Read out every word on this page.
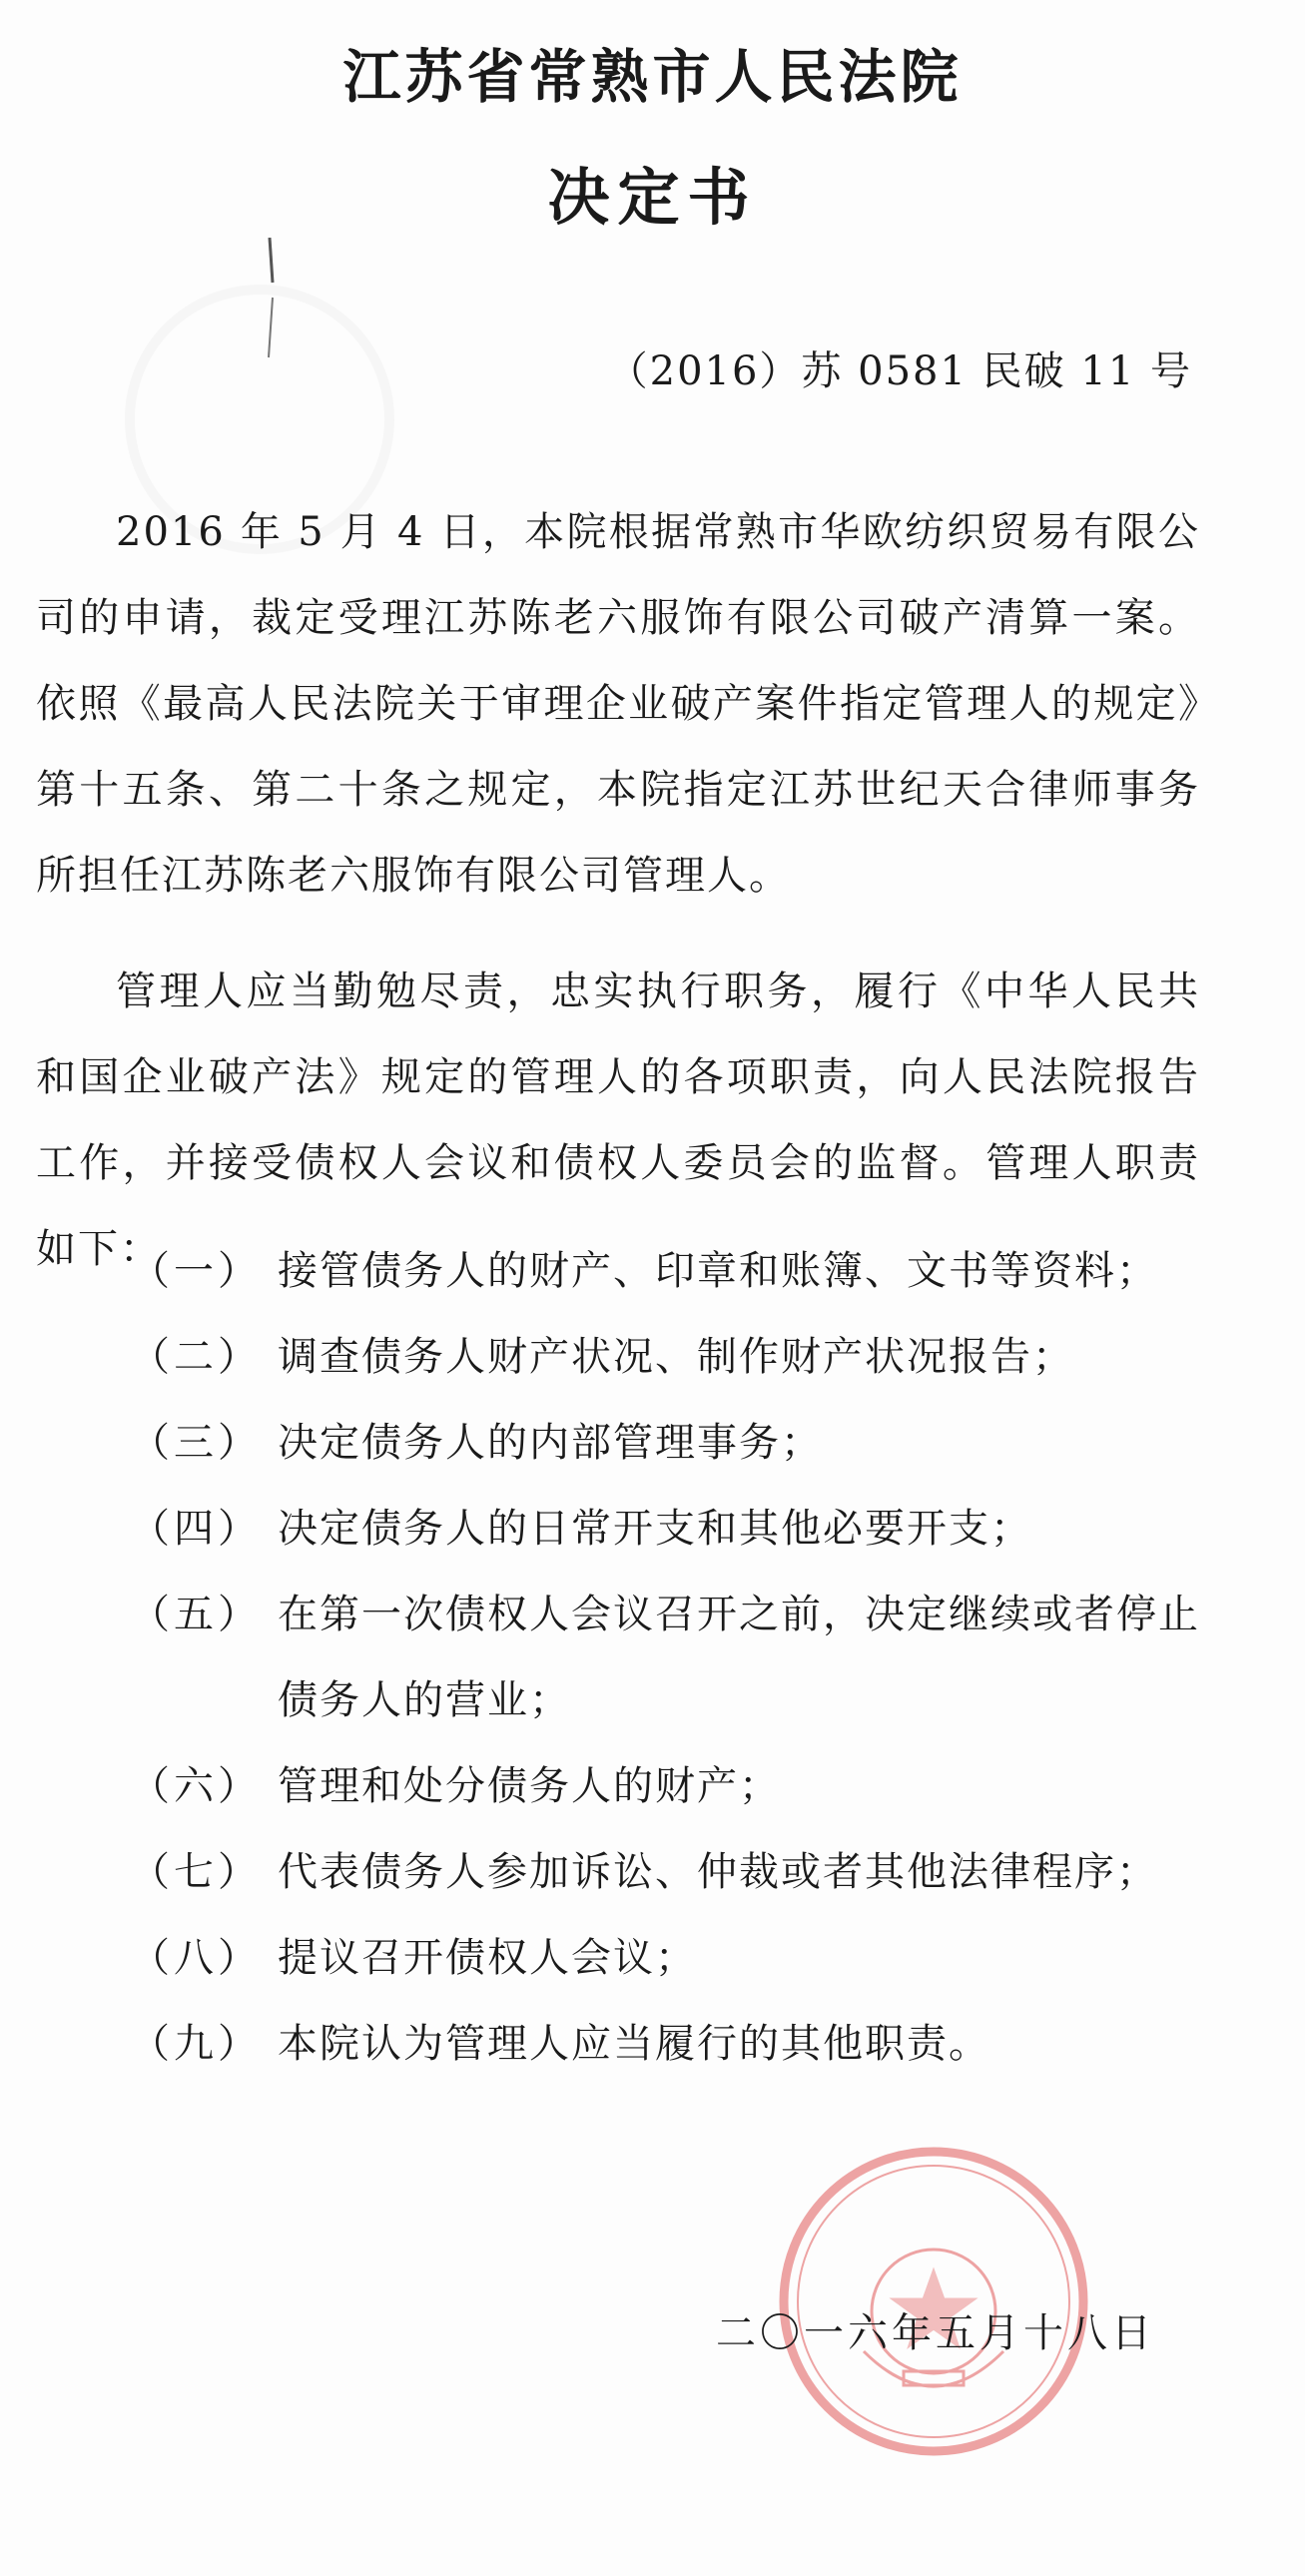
江苏省常熟市人民法院
决定书
（2016）苏 0581 民破 11 号

2016 年 5 月 4 日，本院根据常熟市华欧纺织贸易有限公司的申请，裁定受理江苏陈老六服饰有限公司破产清算一案。依照《最高人民法院关于审理企业破产案件指定管理人的规定》第十五条、第二十条之规定，本院指定江苏世纪天合律师事务所担任江苏陈老六服饰有限公司管理人。

管理人应当勤勉尽责，忠实执行职务，履行《中华人民共和国企业破产法》规定的管理人的各项职责，向人民法院报告工作，并接受债权人会议和债权人委员会的监督。管理人职责如下：

（一） 接管债务人的财产、印章和账簿、文书等资料；
（二） 调查债务人财产状况、制作财产状况报告；
（三） 决定债务人的内部管理事务；
（四） 决定债务人的日常开支和其他必要开支；
（五） 在第一次债权人会议召开之前，决定继续或者停止债务人的营业；
（六） 管理和处分债务人的财产；
（七） 代表债务人参加诉讼、仲裁或者其他法律程序；
（八） 提议召开债权人会议；
（九） 本院认为管理人应当履行的其他职责。
二〇一六年五月十八日
